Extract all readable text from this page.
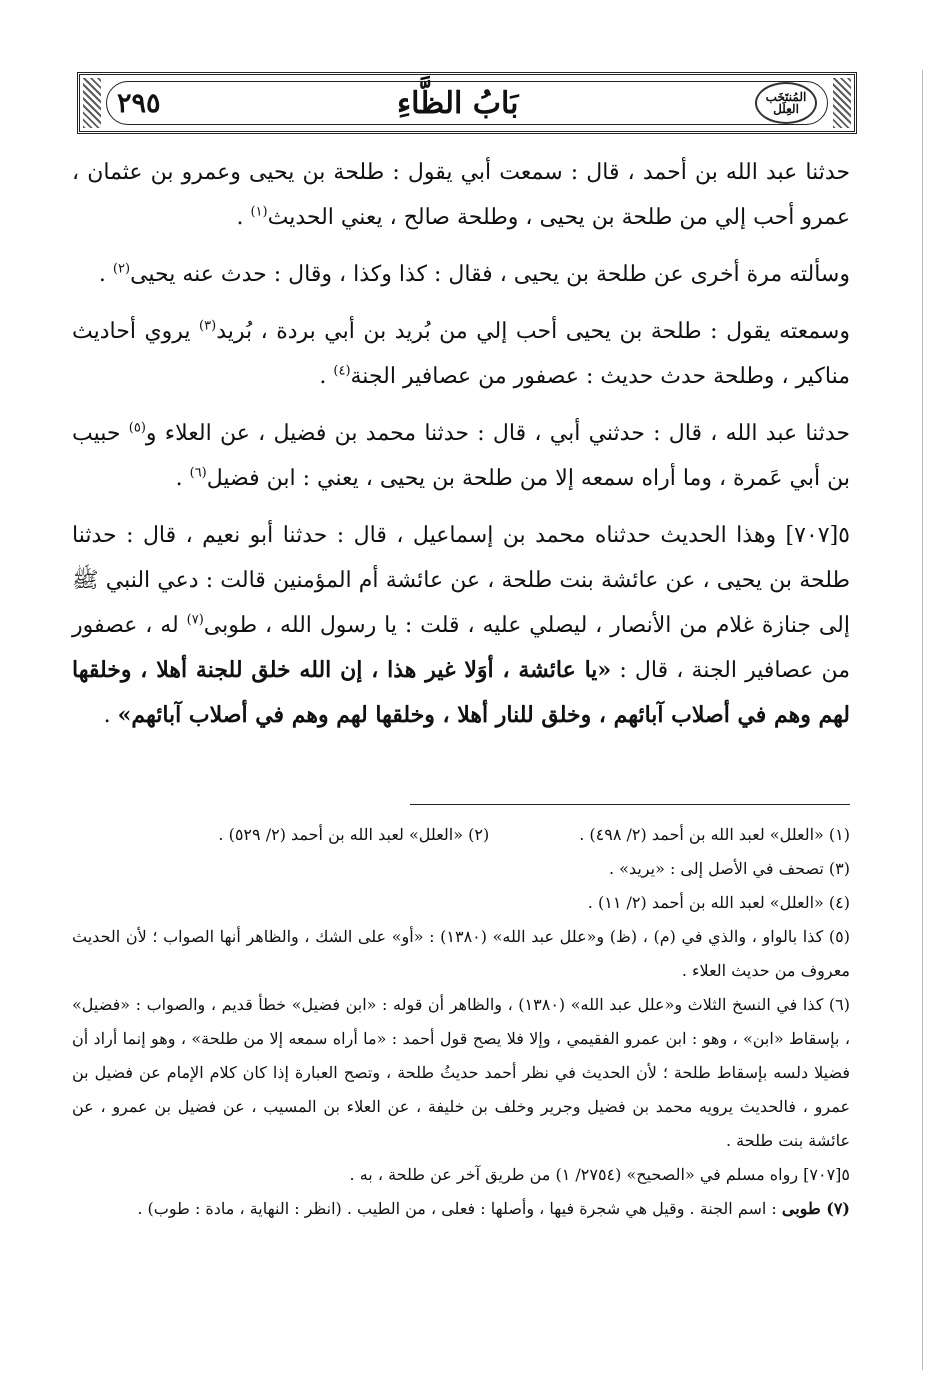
٢٩٥	بَابُ الظَّاءِ	المُنتَخَب
العِلَل

حدثنا عبد الله بن أحمد ، قال : سمعت أبي يقول : طلحة بن يحيى وعمرو بن عثمان ، عمرو أحب إلي من طلحة بن يحيى ، وطلحة صالح ، يعني الحديث$^{(١)}$ .

وسألته مرة أخرى عن طلحة بن يحيى ، فقال : كذا وكذا ، وقال : حدث عنه يحيى$^{(٢)}$ .

وسمعته يقول : طلحة بن يحيى أحب إلي من بُريد بن أبي بردة ، بُريد$^{(٣)}$ يروي أحاديث مناكير ، وطلحة حدث حديث : عصفور من عصافير الجنة$^{(٤)}$ .

حدثنا عبد الله ، قال : حدثني أبي ، قال : حدثنا محمد بن فضيل ، عن العلاء و$^{(٥)}$ حبيب بن أبي عَمرة ، وما أراه سمعه إلا من طلحة بن يحيى ، يعني : ابن فضيل$^{(٦)}$ .

٥[٧٠٧] وهذا الحديث حدثناه محمد بن إسماعيل ، قال : حدثنا أبو نعيم ، قال : حدثنا طلحة بن يحيى ، عن عائشة بنت طلحة ، عن عائشة أم المؤمنين قالت : دعي النبي ﷺ إلى جنازة غلام من الأنصار ، ليصلي عليه ، قلت : يا رسول الله ، طوبى$^{(٧)}$ له ، عصفور من عصافير الجنة ، قال : «يا عائشة ، أوَلا غير هذا ، إن الله خلق للجنة أهلا ، وخلقها لهم وهم في أصلاب آبائهم ، وخلق للنار أهلا ، وخلقها لهم وهم في أصلاب آبائهم» .

(١) «العلل» لعبد الله بن أحمد (٢/ ٤٩٨) .

(٢) «العلل» لعبد الله بن أحمد (٢/ ٥٢٩) .

(٣) تصحف في الأصل إلى : «يريد» .

(٤) «العلل» لعبد الله بن أحمد (٢/ ١١) .

(٥) كذا بالواو ، والذي في (م) ، (ظ) و«علل عبد الله» (١٣٨٠) : «أو» على الشك ، والظاهر أنها الصواب ؛ لأن الحديث معروف من حديث العلاء .

(٦) كذا في النسخ الثلاث و«علل عبد الله» (١٣٨٠) ، والظاهر أن قوله : «ابن فضيل» خطأ قديم ، والصواب : «فضيل» ، بإسقاط «ابن» ، وهو : ابن عمرو الفقيمي ، وإلا فلا يصح قول أحمد : «ما أراه سمعه إلا من طلحة» ، وهو إنما أراد أن فضيلا دلسه بإسقاط طلحة ؛ لأن الحديث في نظر أحمد حديثُ طلحة ، وتصح العبارة إذا كان كلام الإمام عن فضيل بن عمرو ، فالحديث يرويه محمد بن فضيل وجرير وخلف بن خليفة ، عن العلاء بن المسيب ، عن فضيل بن عمرو ، عن عائشة بنت طلحة .

٥[٧٠٧] رواه مسلم في «الصحيح» (٢٧٥٤/ ١) من طريق آخر عن طلحة ، به .

(٧) طوبى : اسم الجنة . وقيل هي شجرة فيها ، وأصلها : فعلى ، من الطيب . (انظر : النهاية ، مادة : طوب) .
